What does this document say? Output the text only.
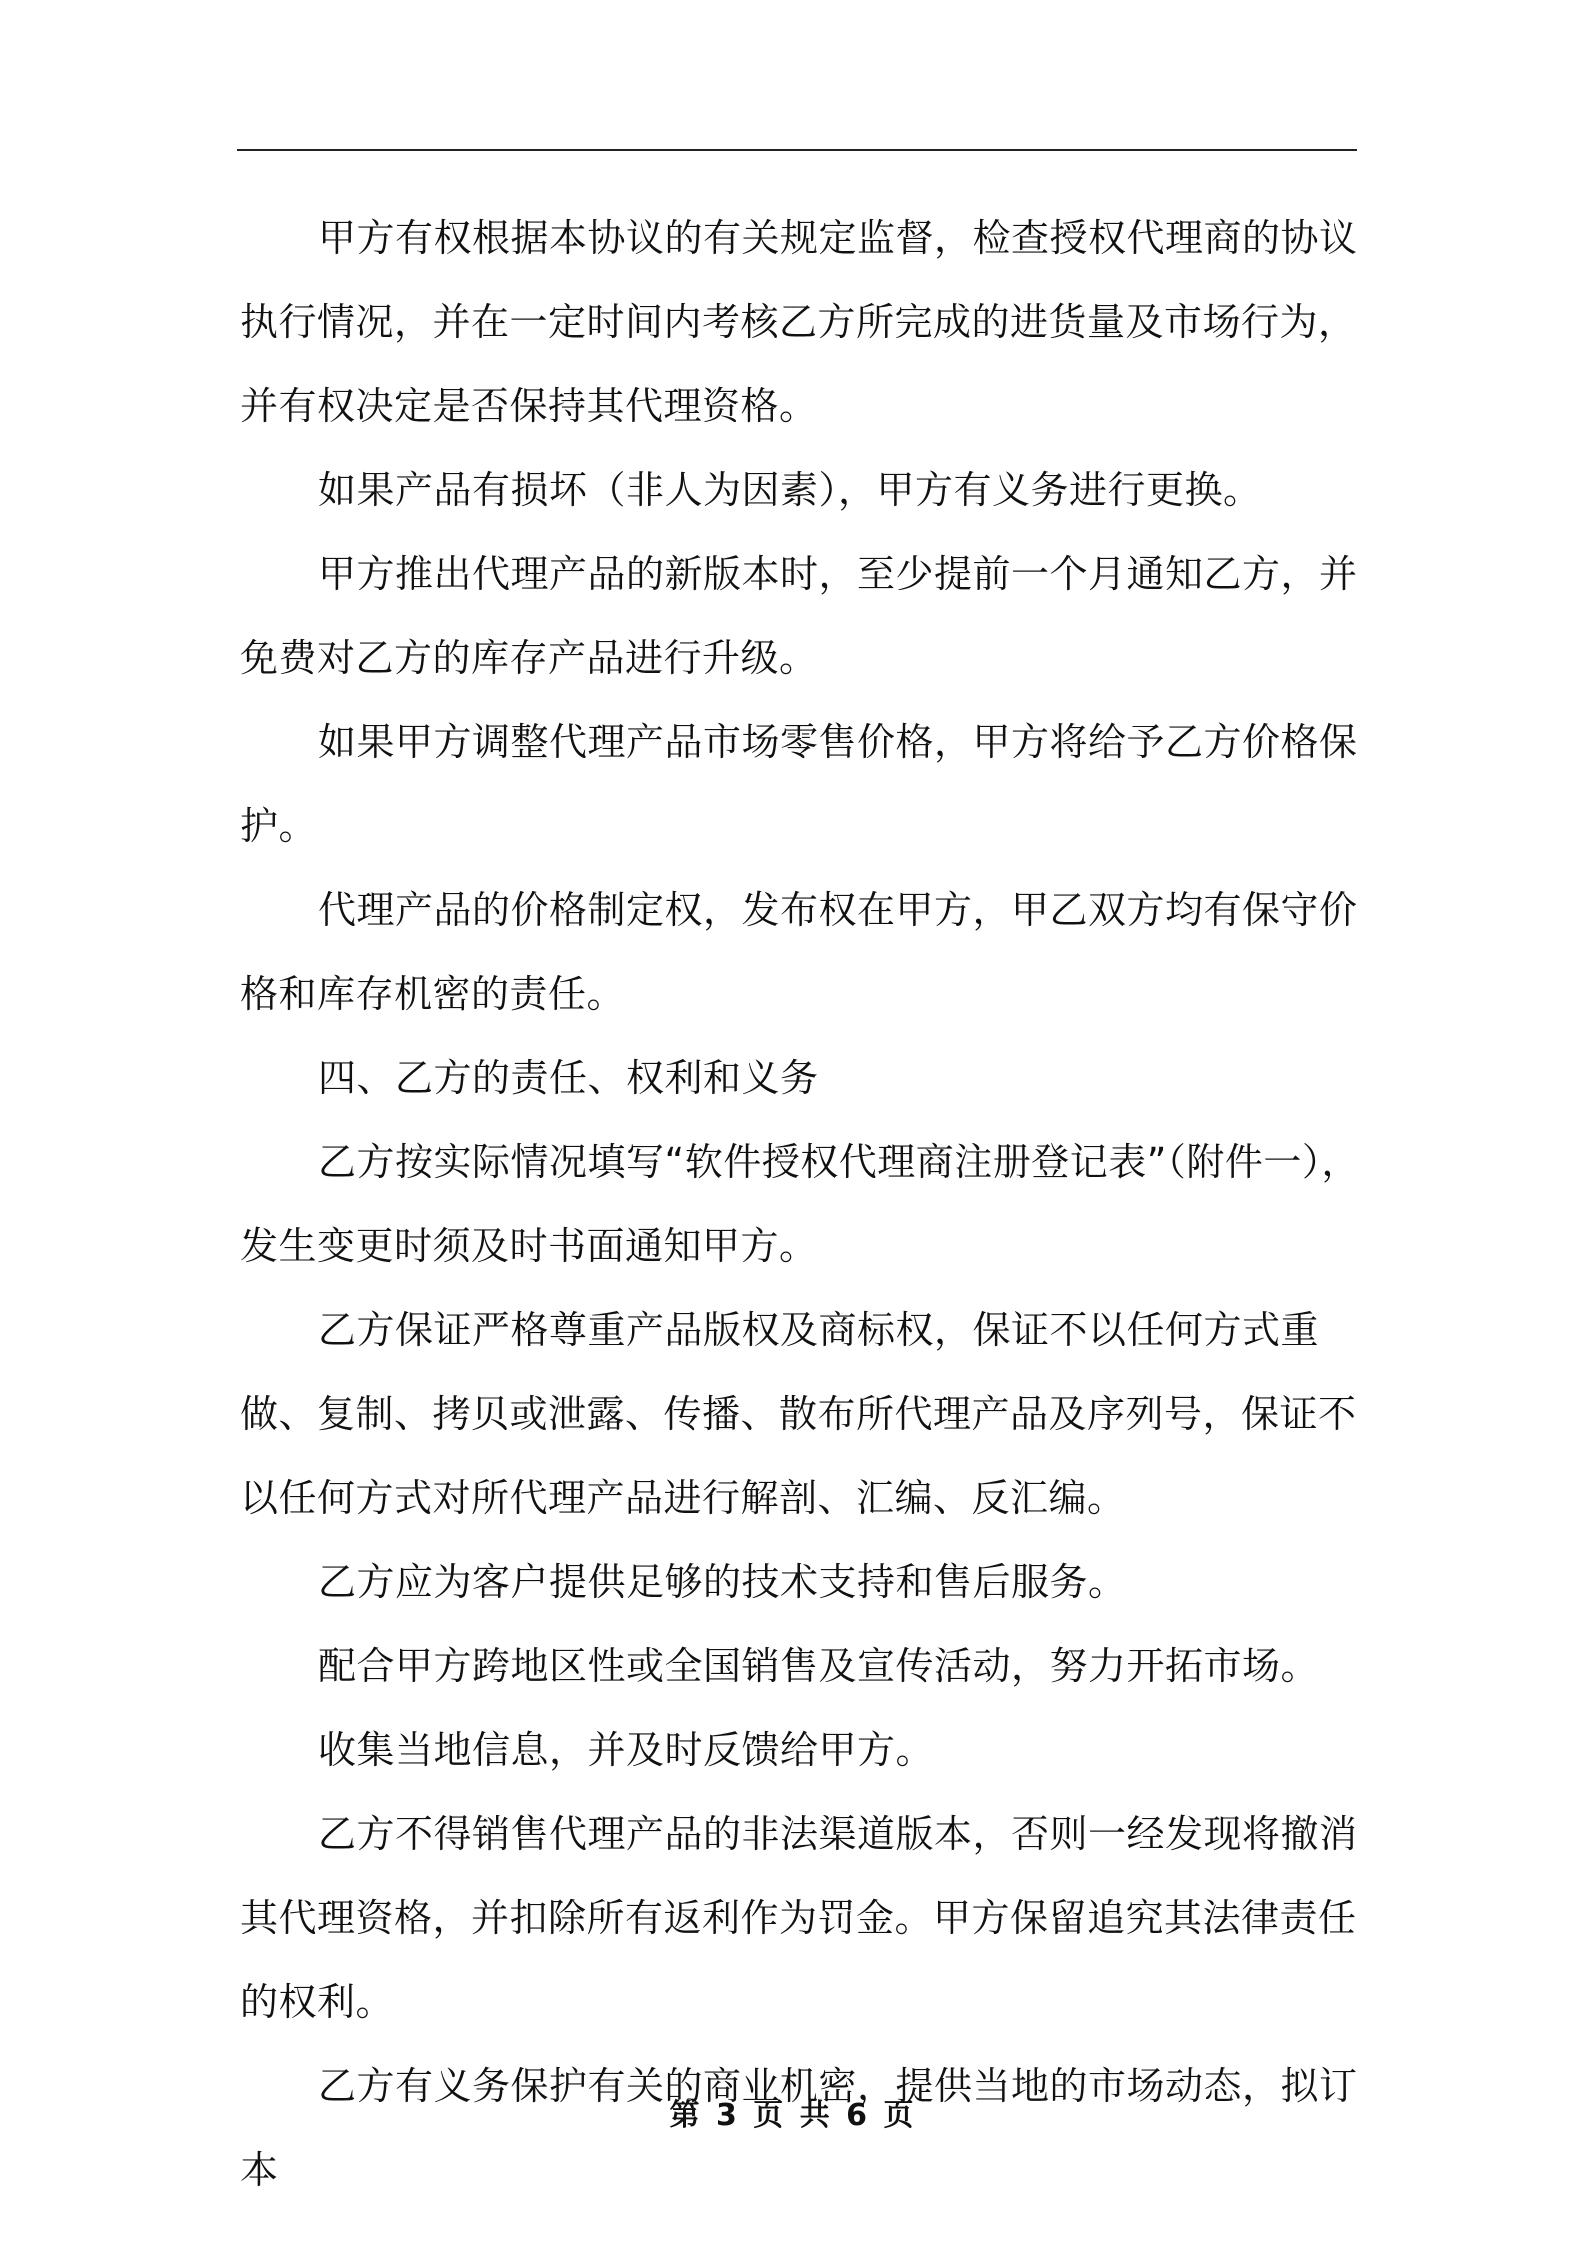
甲方有权根据本协议的有关规定监督，检查授权代理商的协议执行情况，并在一定时间内考核乙方所完成的进货量及市场行为，并有权决定是否保持其代理资格。

如果产品有损坏（非人为因素），甲方有义务进行更换。

甲方推出代理产品的新版本时，至少提前一个月通知乙方，并免费对乙方的库存产品进行升级。

如果甲方调整代理产品市场零售价格，甲方将给予乙方价格保护。

代理产品的价格制定权，发布权在甲方，甲乙双方均有保守价格和库存机密的责任。

四、乙方的责任、权利和义务

乙方按实际情况填写“软件授权代理商注册登记表”（附件一），发生变更时须及时书面通知甲方。

乙方保证严格尊重产品版权及商标权，保证不以任何方式重做、复制、拷贝或泄露、传播、散布所代理产品及序列号，保证不以任何方式对所代理产品进行解剖、汇编、反汇编。

乙方应为客户提供足够的技术支持和售后服务。

配合甲方跨地区性或全国销售及宣传活动，努力开拓市场。

收集当地信息，并及时反馈给甲方。

乙方不得销售代理产品的非法渠道版本，否则一经发现将撤消其代理资格，并扣除所有返利作为罚金。甲方保留追究其法律责任的权利。

乙方有义务保护有关的商业机密，提供当地的市场动态，拟订本

第 3 页 共 6 页
